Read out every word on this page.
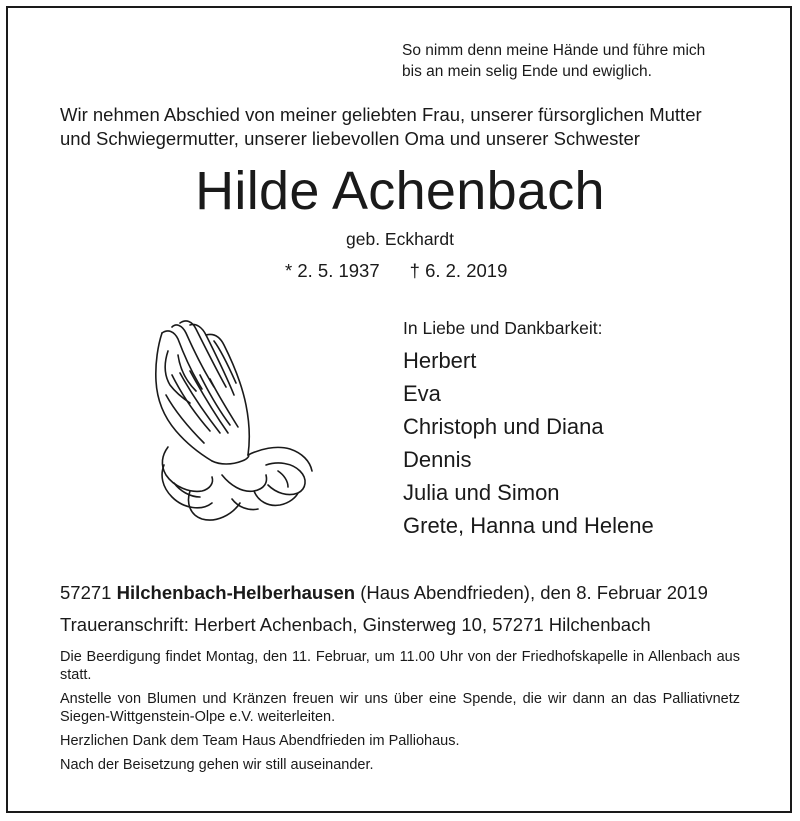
So nimm denn meine Hände und führe mich
bis an mein selig Ende und ewiglich.
Wir nehmen Abschied von meiner geliebten Frau, unserer fürsorglichen Mutter
und Schwiegermutter, unserer liebevollen Oma und unserer Schwester
Hilde Achenbach
geb. Eckhardt
* 2. 5. 1937 † 6. 2. 2019
In Liebe und Dankbarkeit:
Herbert
Eva
Christoph und Diana
Dennis
Julia und Simon
Grete, Hanna und Helene
57271 Hilchenbach-Helberhausen (Haus Abendfrieden), den 8. Februar 2019
Traueranschrift: Herbert Achenbach, Ginsterweg 10, 57271 Hilchenbach

Die Beerdigung findet Montag, den 11. Februar, um 11.00 Uhr von der Friedhofskapelle in Allenbach aus statt.

Anstelle von Blumen und Kränzen freuen wir uns über eine Spende, die wir dann an das Palliativnetz Siegen-Wittgenstein-Olpe e.V. weiterleiten.

Herzlichen Dank dem Team Haus Abendfrieden im Palliohaus.

Nach der Beisetzung gehen wir still auseinander.
